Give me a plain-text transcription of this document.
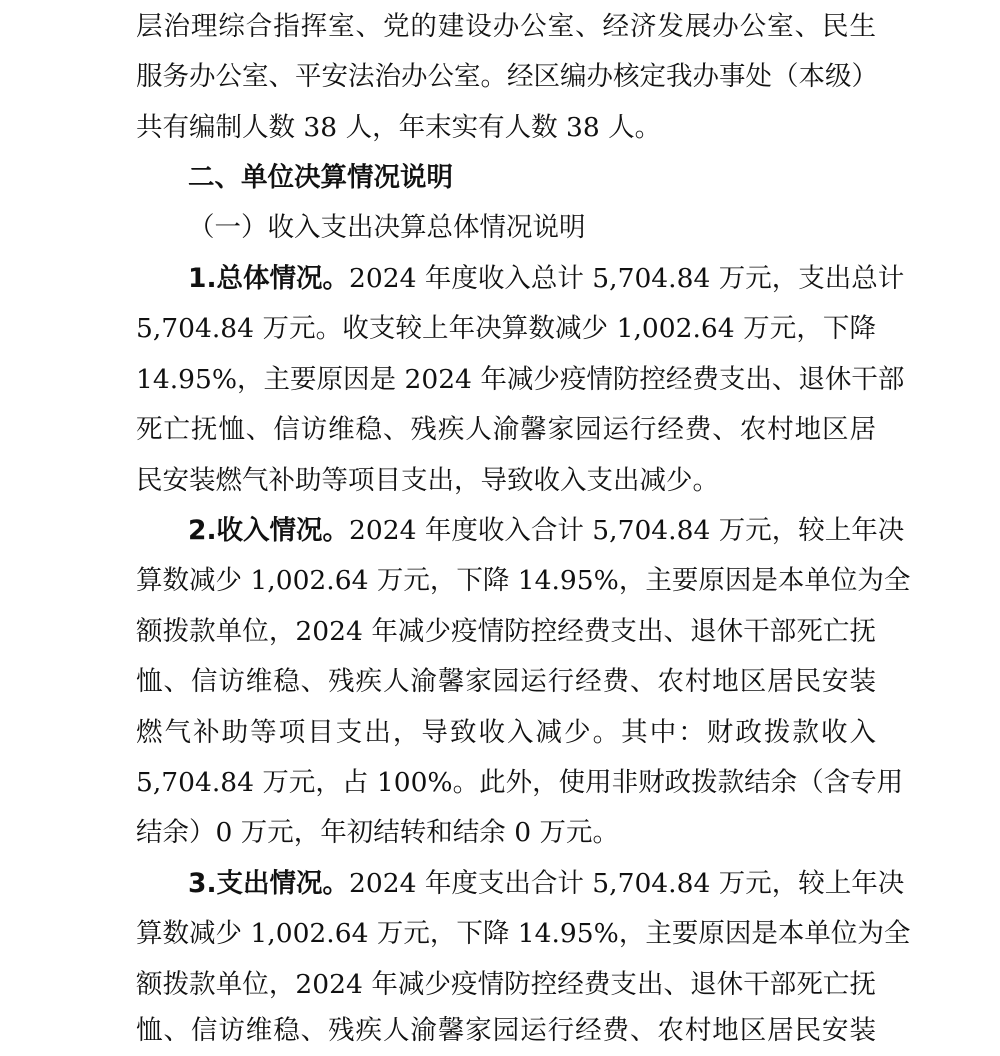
层治理综合指挥室、党的建设办公室、经济发展办公室、民生
服务办公室、平安法治办公室。经区编办核定我办事处（本级）
共有编制人数 38 人，年末实有人数 38 人。
二、单位决算情况说明
（一）收入支出决算总体情况说明
1.总体情况。2024 年度收入总计 5,704.84 万元，支出总计
5,704.84 万元。收支较上年决算数减少 1,002.64 万元，下降
14.95%，主要原因是 2024 年减少疫情防控经费支出、退休干部
死亡抚恤、信访维稳、残疾人渝馨家园运行经费、农村地区居
民安装燃气补助等项目支出，导致收入支出减少。
2.收入情况。2024 年度收入合计 5,704.84 万元，较上年决
算数减少 1,002.64 万元，下降 14.95%，主要原因是本单位为全
额拨款单位，2024 年减少疫情防控经费支出、退休干部死亡抚
恤、信访维稳、残疾人渝馨家园运行经费、农村地区居民安装
燃气补助等项目支出，导致收入减少。其中：财政拨款收入
5,704.84 万元，占 100%。此外，使用非财政拨款结余（含专用
结余）0 万元，年初结转和结余 0 万元。
3.支出情况。2024 年度支出合计 5,704.84 万元，较上年决
算数减少 1,002.64 万元，下降 14.95%，主要原因是本单位为全
额拨款单位，2024 年减少疫情防控经费支出、退休干部死亡抚
恤、信访维稳、残疾人渝馨家园运行经费、农村地区居民安装
